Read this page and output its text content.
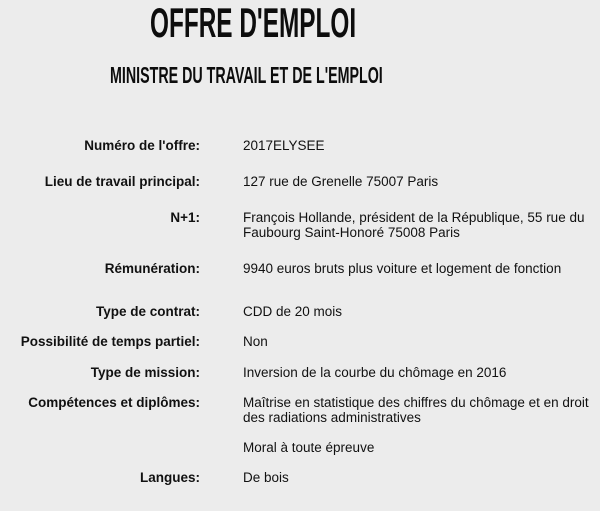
OFFRE D'EMPLOI
MINISTRE DU TRAVAIL ET DE L'EMPLOI
Numéro de l'offre:	2017ELYSEE
Lieu de travail principal:	127 rue de Grenelle 75007 Paris
N+1:	François Hollande, président de la République, 55 rue du Faubourg Saint-Honoré 75008 Paris
Rémunération:	9940 euros bruts plus voiture et logement de fonction
Type de contrat:	CDD de 20 mois
Possibilité de temps partiel:	Non
Type de mission:	Inversion de la courbe du chômage en 2016
Compétences et diplômes:	Maîtrise en statistique des chiffres du chômage et en droit des radiations administratives
Moral à toute épreuve
Langues:	De bois
